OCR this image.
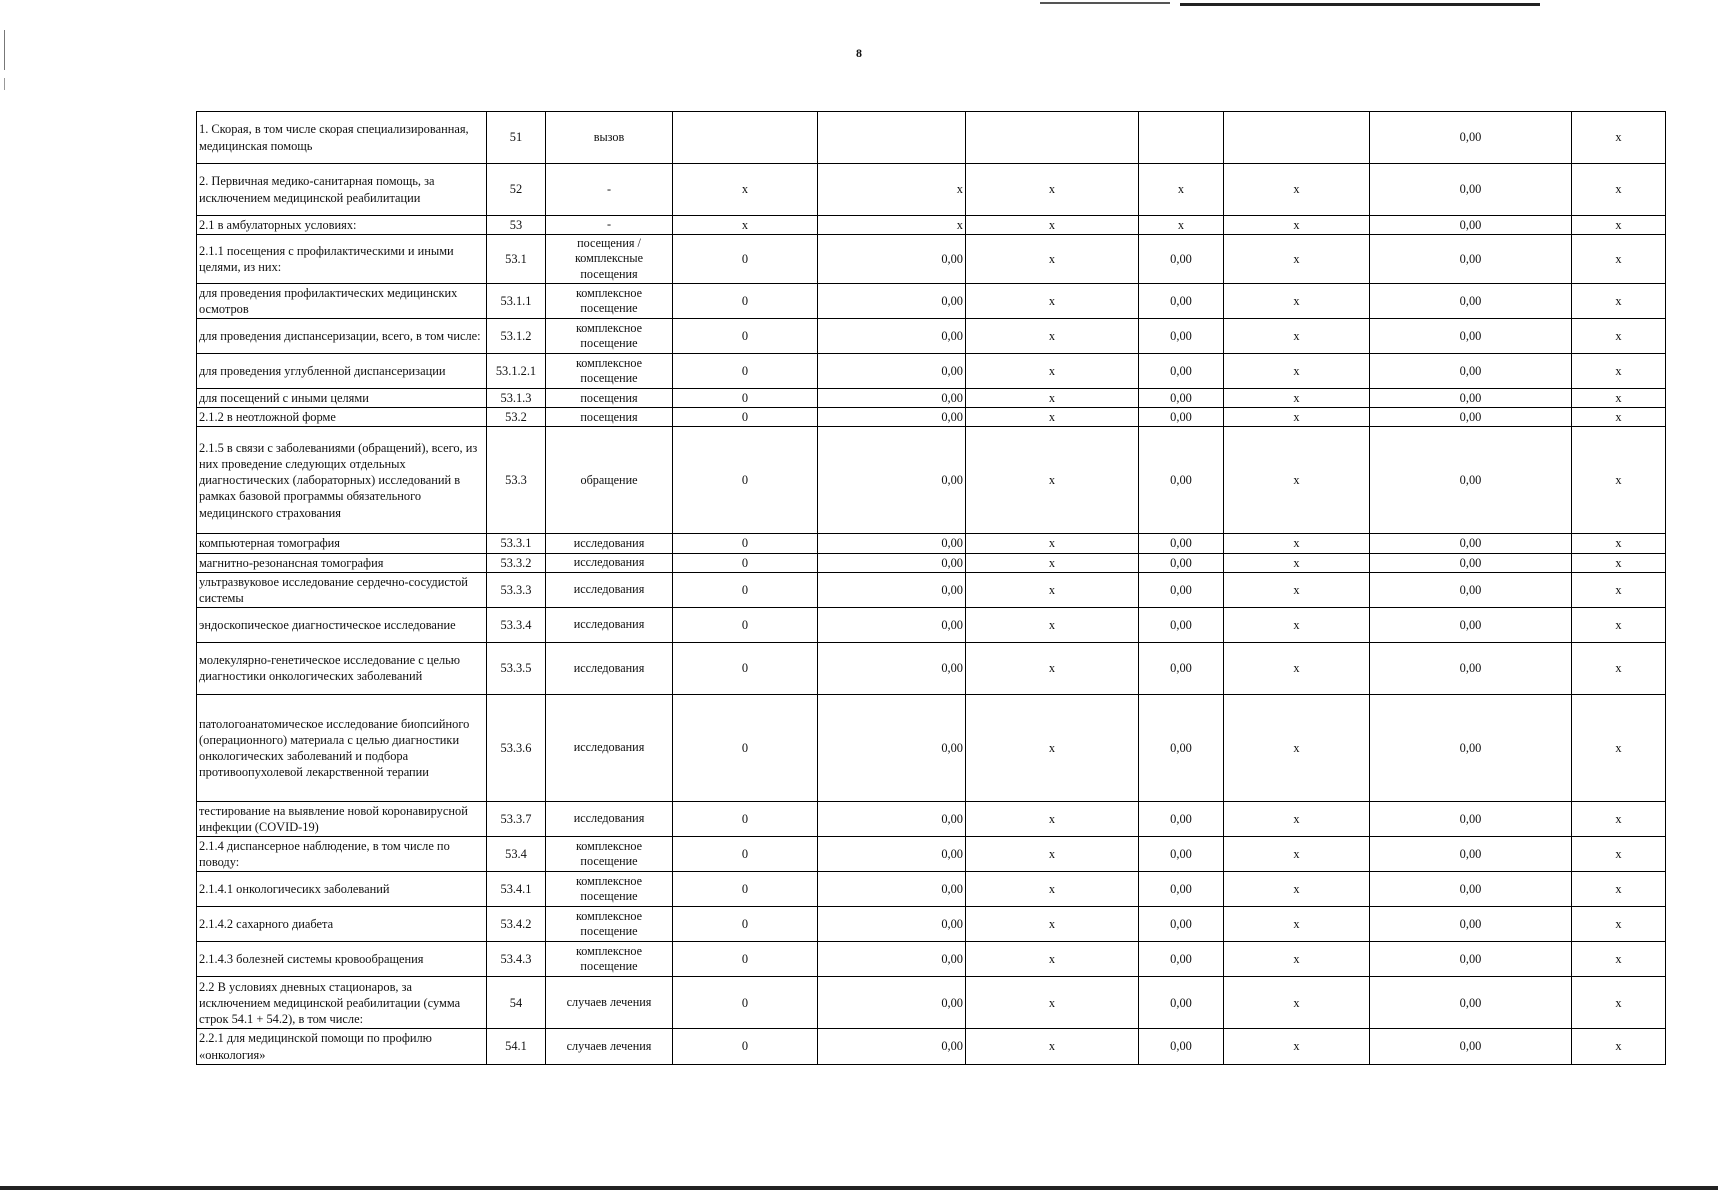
8
1. Скорая, в том числе скорая специализированная, медицинская помощь	51	вызов						0,00	x
2. Первичная медико-санитарная помощь, за исключением медицинской реабилитации	52	-	x	x	x	x	x	0,00	x
2.1 в амбулаторных условиях:	53	-	x	x	x	x	x	0,00	x
2.1.1 посещения с профилактическими и иными целями, из них:	53.1	посещения / комплексные посещения	0	0,00	x	0,00	x	0,00	x
для проведения профилактических медицинских осмотров	53.1.1	комплексное посещение	0	0,00	x	0,00	x	0,00	x
для проведения диспансеризации, всего, в том числе:	53.1.2	комплексное посещение	0	0,00	x	0,00	x	0,00	x
для проведения углубленной диспансеризации	53.1.2.1	комплексное посещение	0	0,00	x	0,00	x	0,00	x
для посещений с иными целями	53.1.3	посещения	0	0,00	x	0,00	x	0,00	x
2.1.2 в неотложной форме	53.2	посещения	0	0,00	x	0,00	x	0,00	x
2.1.5 в связи с заболеваниями (обращений), всего, из них проведение следующих отдельных диагностических (лабораторных) исследований в рамках базовой программы обязательного медицинского страхования	53.3	обращение	0	0,00	x	0,00	x	0,00	x
компьютерная томография	53.3.1	исследования	0	0,00	x	0,00	x	0,00	x
магнитно-резонансная томография	53.3.2	исследования	0	0,00	x	0,00	x	0,00	x
ультразвуковое исследование сердечно-сосудистой системы	53.3.3	исследования	0	0,00	x	0,00	x	0,00	x
эндоскопическое диагностическое исследование	53.3.4	исследования	0	0,00	x	0,00	x	0,00	x
молекулярно-генетическое исследование с целью диагностики онкологических заболеваний	53.3.5	исследования	0	0,00	x	0,00	x	0,00	x
патологоанатомическое исследование биопсийного (операционного) материала с целью диагностики онкологических заболеваний и подбора противоопухолевой лекарственной терапии	53.3.6	исследования	0	0,00	x	0,00	x	0,00	x
тестирование на выявление новой коронавирусной инфекции (COVID-19)	53.3.7	исследования	0	0,00	x	0,00	x	0,00	x
2.1.4 диспансерное наблюдение, в том числе по поводу:	53.4	комплексное посещение	0	0,00	x	0,00	x	0,00	x
2.1.4.1 онкологичесикх заболеваний	53.4.1	комплексное посещение	0	0,00	x	0,00	x	0,00	x
2.1.4.2 сахарного диабета	53.4.2	комплексное посещение	0	0,00	x	0,00	x	0,00	x
2.1.4.3 болезней системы кровообращения	53.4.3	комплексное посещение	0	0,00	x	0,00	x	0,00	x
2.2 В условиях дневных стационаров, за исключением медицинской реабилитации (сумма строк 54.1 + 54.2), в том числе:	54	случаев лечения	0	0,00	x	0,00	x	0,00	x
2.2.1 для медицинской помощи по профилю «онкология»	54.1	случаев лечения	0	0,00	x	0,00	x	0,00	x
